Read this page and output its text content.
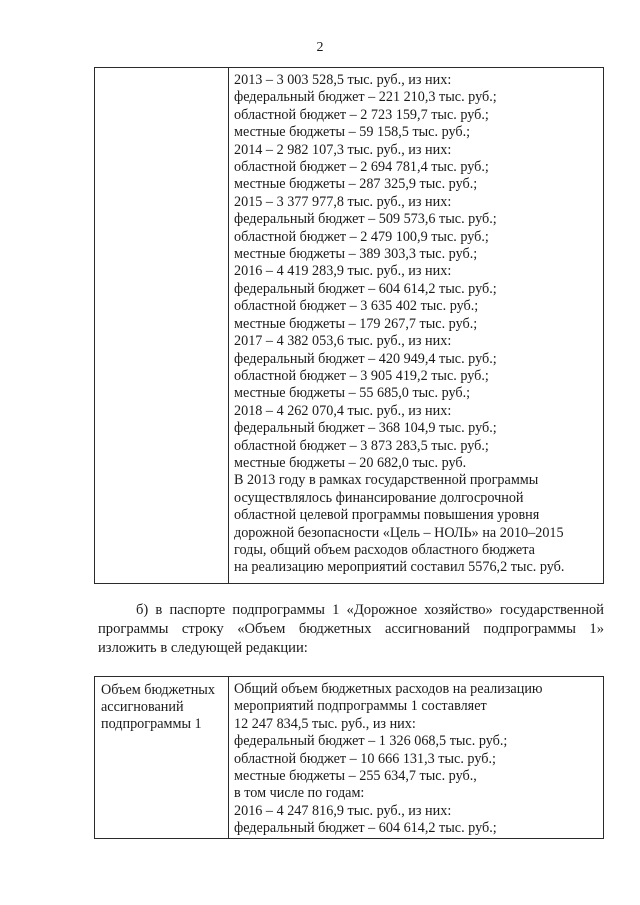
2

2013 – 3 003 528,5 тыс. руб., из них:
федеральный бюджет – 221 210,3 тыс. руб.;
областной бюджет – 2 723 159,7 тыс. руб.;
местные бюджеты – 59 158,5 тыс. руб.;
2014 – 2 982 107,3 тыс. руб., из них:
областной бюджет – 2 694 781,4 тыс. руб.;
местные бюджеты – 287 325,9 тыс. руб.;
2015 – 3 377 977,8 тыс. руб., из них:
федеральный бюджет – 509 573,6 тыс. руб.;
областной бюджет – 2 479 100,9 тыс. руб.;
местные бюджеты – 389 303,3 тыс. руб.;
2016 – 4 419 283,9 тыс. руб., из них:
федеральный бюджет – 604 614,2 тыс. руб.;
областной бюджет – 3 635 402 тыс. руб.;
местные бюджеты – 179 267,7 тыс. руб.;
2017 – 4 382 053,6 тыс. руб., из них:
федеральный бюджет – 420 949,4 тыс. руб.;
областной бюджет – 3 905 419,2 тыс. руб.;
местные бюджеты – 55 685,0 тыс. руб.;
2018 – 4 262 070,4 тыс. руб., из них:
федеральный бюджет – 368 104,9 тыс. руб.;
областной бюджет – 3 873 283,5 тыс. руб.;
местные бюджеты – 20 682,0 тыс. руб.
В 2013 году в рамках государственной программы
осуществлялось финансирование долгосрочной
областной целевой программы повышения уровня
дорожной безопасности «Цель – НОЛЬ» на 2010–2015
годы, общий объем расходов областного бюджета
на реализацию мероприятий составил 5576,2 тыс. руб.
б) в паспорте подпрограммы 1 «Дорожное хозяйство» государственной
программы строку «Объем бюджетных ассигнований подпрограммы 1»
изложить в следующей редакции:
Объем бюджетных
ассигнований
подпрограммы 1

Общий объем бюджетных расходов на реализацию
мероприятий подпрограммы 1 составляет
12 247 834,5 тыс. руб., из них:
федеральный бюджет – 1 326 068,5 тыс. руб.;
областной бюджет – 10 666 131,3 тыс. руб.;
местные бюджеты – 255 634,7 тыс. руб.,
в том числе по годам:
2016 – 4 247 816,9 тыс. руб., из них:
федеральный бюджет – 604 614,2 тыс. руб.;
